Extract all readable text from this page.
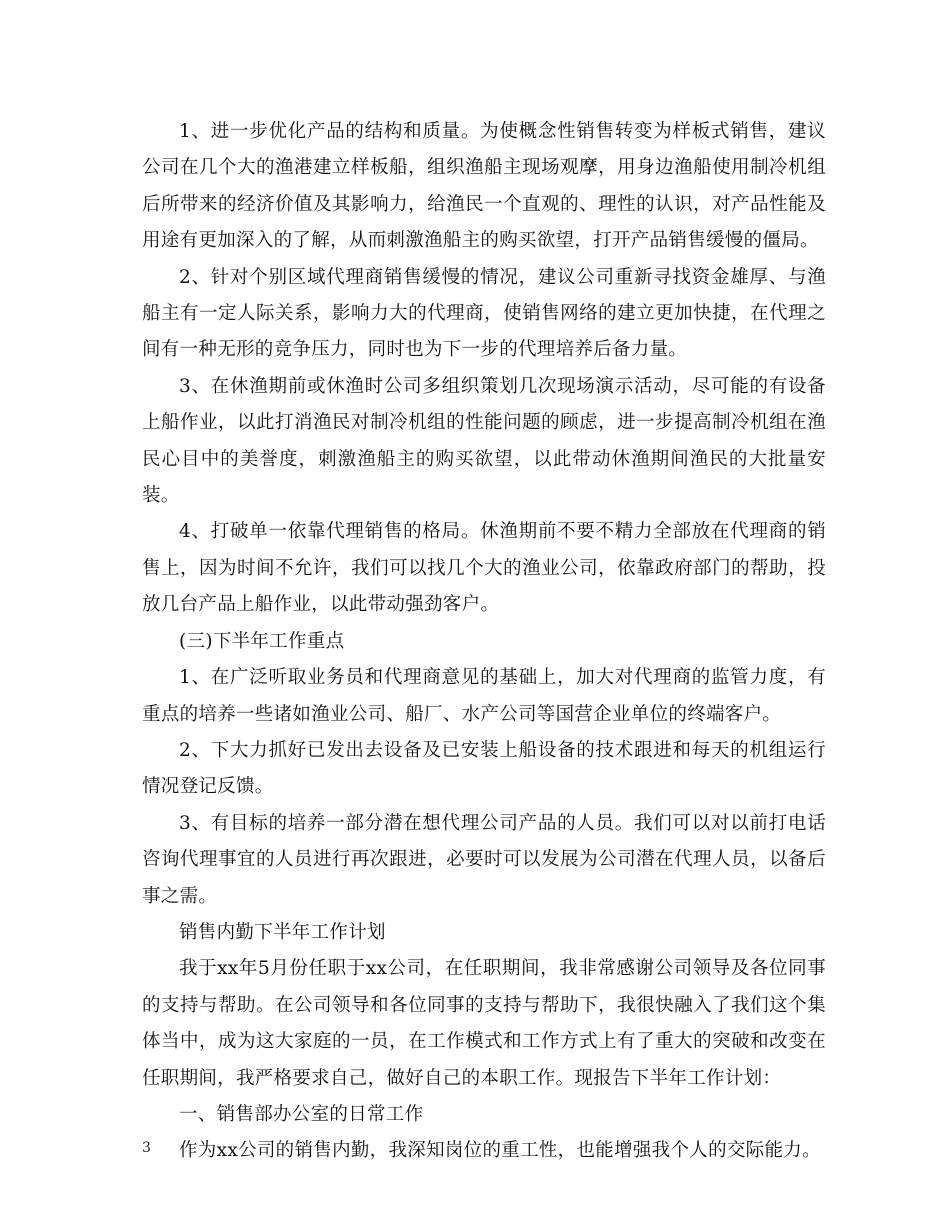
1、进一步优化产品的结构和质量。为使概念性销售转变为样板式销售，建议公司在几个大的渔港建立样板船，组织渔船主现场观摩，用身边渔船使用制冷机组后所带来的经济价值及其影响力，给渔民一个直观的、理性的认识，对产品性能及用途有更加深入的了解，从而刺激渔船主的购买欲望，打开产品销售缓慢的僵局。

2、针对个别区域代理商销售缓慢的情况，建议公司重新寻找资金雄厚、与渔船主有一定人际关系，影响力大的代理商，使销售网络的建立更加快捷，在代理之间有一种无形的竞争压力，同时也为下一步的代理培养后备力量。

3、在休渔期前或休渔时公司多组织策划几次现场演示活动，尽可能的有设备上船作业，以此打消渔民对制冷机组的性能问题的顾虑，进一步提高制冷机组在渔民心目中的美誉度，刺激渔船主的购买欲望，以此带动休渔期间渔民的大批量安装。

4、打破单一依靠代理销售的格局。休渔期前不要不精力全部放在代理商的销售上，因为时间不允许，我们可以找几个大的渔业公司，依靠政府部门的帮助，投放几台产品上船作业，以此带动强劲客户。

(三)下半年工作重点

1、在广泛听取业务员和代理商意见的基础上，加大对代理商的监管力度，有重点的培养一些诸如渔业公司、船厂、水产公司等国营企业单位的终端客户。

2、下大力抓好已发出去设备及已安装上船设备的技术跟进和每天的机组运行情况登记反馈。

3、有目标的培养一部分潜在想代理公司产品的人员。我们可以对以前打电话咨询代理事宜的人员进行再次跟进，必要时可以发展为公司潜在代理人员，以备后事之需。

销售内勤下半年工作计划

我于xx年5月份任职于xx公司，在任职期间，我非常感谢公司领导及各位同事的支持与帮助。在公司领导和各位同事的支持与帮助下，我很快融入了我们这个集体当中，成为这大家庭的一员，在工作模式和工作方式上有了重大的突破和改变在任职期间，我严格要求自己，做好自己的本职工作。现报告下半年工作计划：

一、销售部办公室的日常工作

作为xx公司的销售内勤，我深知岗位的重工性，也能增强我个人的交际能力。

3
